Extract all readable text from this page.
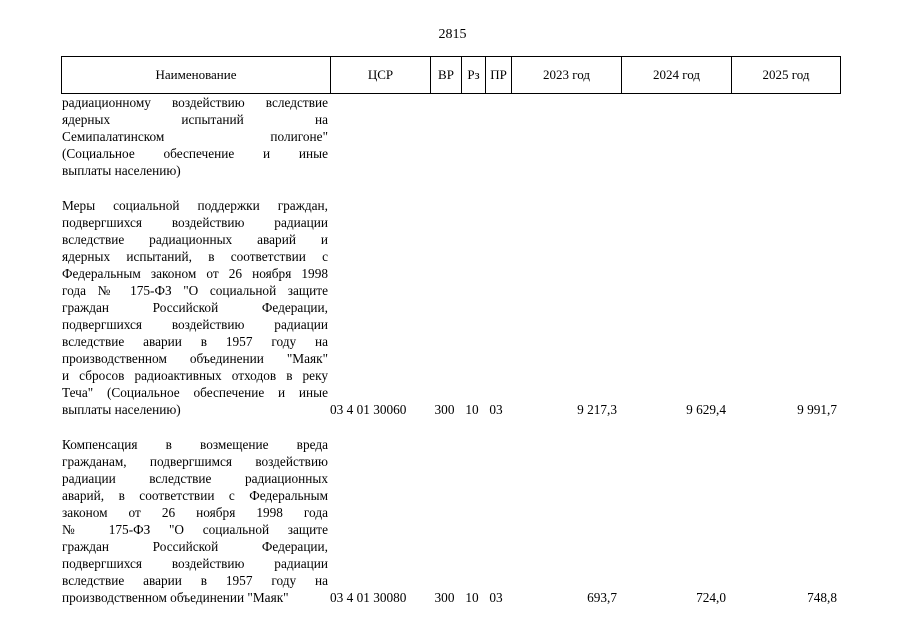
2815
Наименование	ЦСР	ВР	Рз ПР	2023 год	2024 год	2025 год
радиационному воздействию вследствие
ядерных испытаний на
Семипалатинском полигоне"
(Социальное обеспечение и иные
выплаты населению)
Меры социальной поддержки граждан,
подвергшихся воздействию радиации
вследствие радиационных аварий и
ядерных испытаний, в соответствии с
Федеральным законом от 26 ноября 1998
года № 175-ФЗ "О социальной защите
граждан Российской Федерации,
подвергшихся воздействию радиации
вследствие аварии в 1957 году на
производственном объединении "Маяк"
и сбросов радиоактивных отходов в реку
Теча" (Социальное обеспечение и иные
выплаты населению)	03 4 01 30060	300 10 03	9 217,3	9 629,4	9 991,7
Компенсация в возмещение вреда
гражданам, подвергшимся воздействию
радиации вследствие радиационных
аварий, в соответствии с Федеральным
законом от 26 ноября 1998 года
№ 175-ФЗ "О социальной защите
граждан Российской Федерации,
подвергшихся воздействию радиации
вследствие аварии в 1957 году на
производственном объединении "Маяк"	03 4 01 30080	300 10 03	693,7	724,0	748,8
